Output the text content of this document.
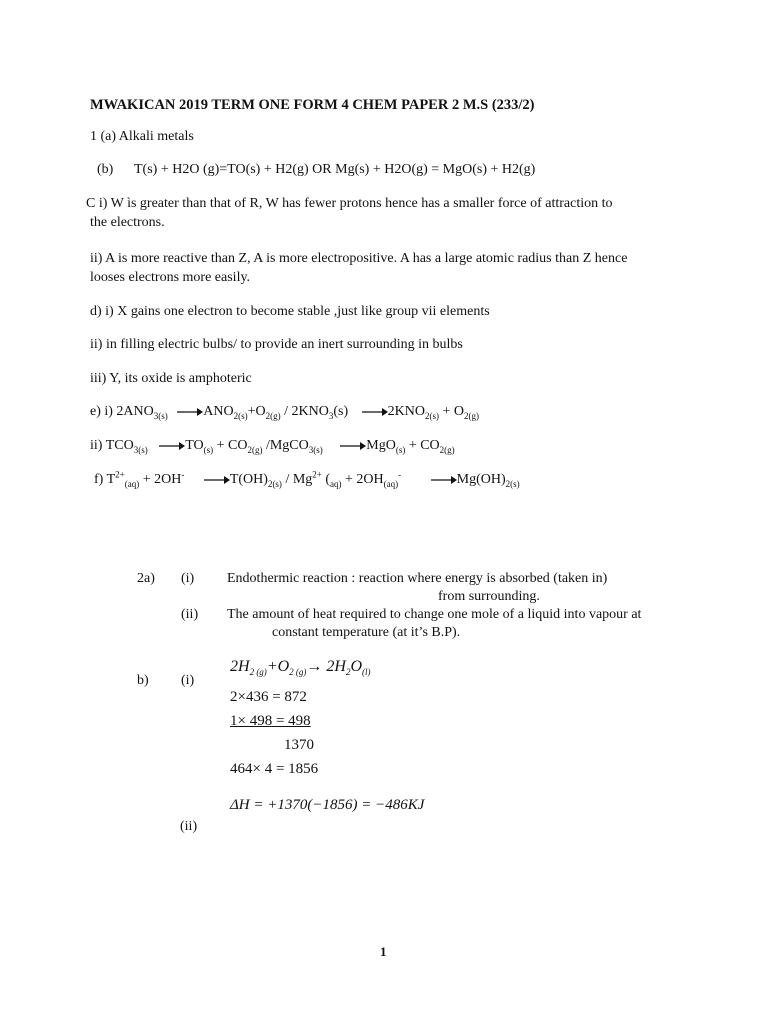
MWAKICAN 2019 TERM ONE FORM 4 CHEM PAPER 2 M.S (233/2)
1 (a) Alkali metals
(b) T(s) + H2O (g)=TO(s) + H2(g) OR Mg(s) + H2O(g) = MgO(s) + H2(g)
C i) W ìs greater than that of R, W has fewer protons hence has a smaller force of attraction to
the electrons.
ii) A is more reactive than Z, A is more electropositive. A has a large atomic radius than Z hence
looses electrons more easily.
d) i) X gains one electron to become stable ,just like group vii elements
ii) in filling electric bulbs/ to provide an inert surrounding in bulbs
iii) Y, its oxide is amphoteric
e) i) $2ANO_{3(s)}$	$ANO_{2(s)}+O_{2(g)} / 2KNO_3(s)$	$2KNO_{2(s)} + O_{2(g)}$
ii) $TCO_{3(s)}$	$TO_{(s)} + CO_{2(g)}$ /MgCO$_{3(s)}$	$MgO_{(s)} + CO_{2(g)}$
f) $T^{2+}_{(aq)} + 2OH^-$	$T(OH)_{2(s)} / Mg^{2+}$ ($_{aq)} + 2OH_{(aq)}^-$	$Mg(OH)_{2(s)}$
2a) (i) Endothermic reaction : reaction where energy is absorbed (taken in)
from surrounding.
(ii) The amount of heat required to change one mole of a liquid into vapour at
constant temperature (at it’s B.P).
b) (i)
$2H_{2 (g)}+O_{2 (g)}\to 2H_2O_{(l)}$
2×436 = 872
1× 498 = 498
1370
464× 4 = 1856
ΔH = +1370(−1856) = −486KJ
(ii)
1
